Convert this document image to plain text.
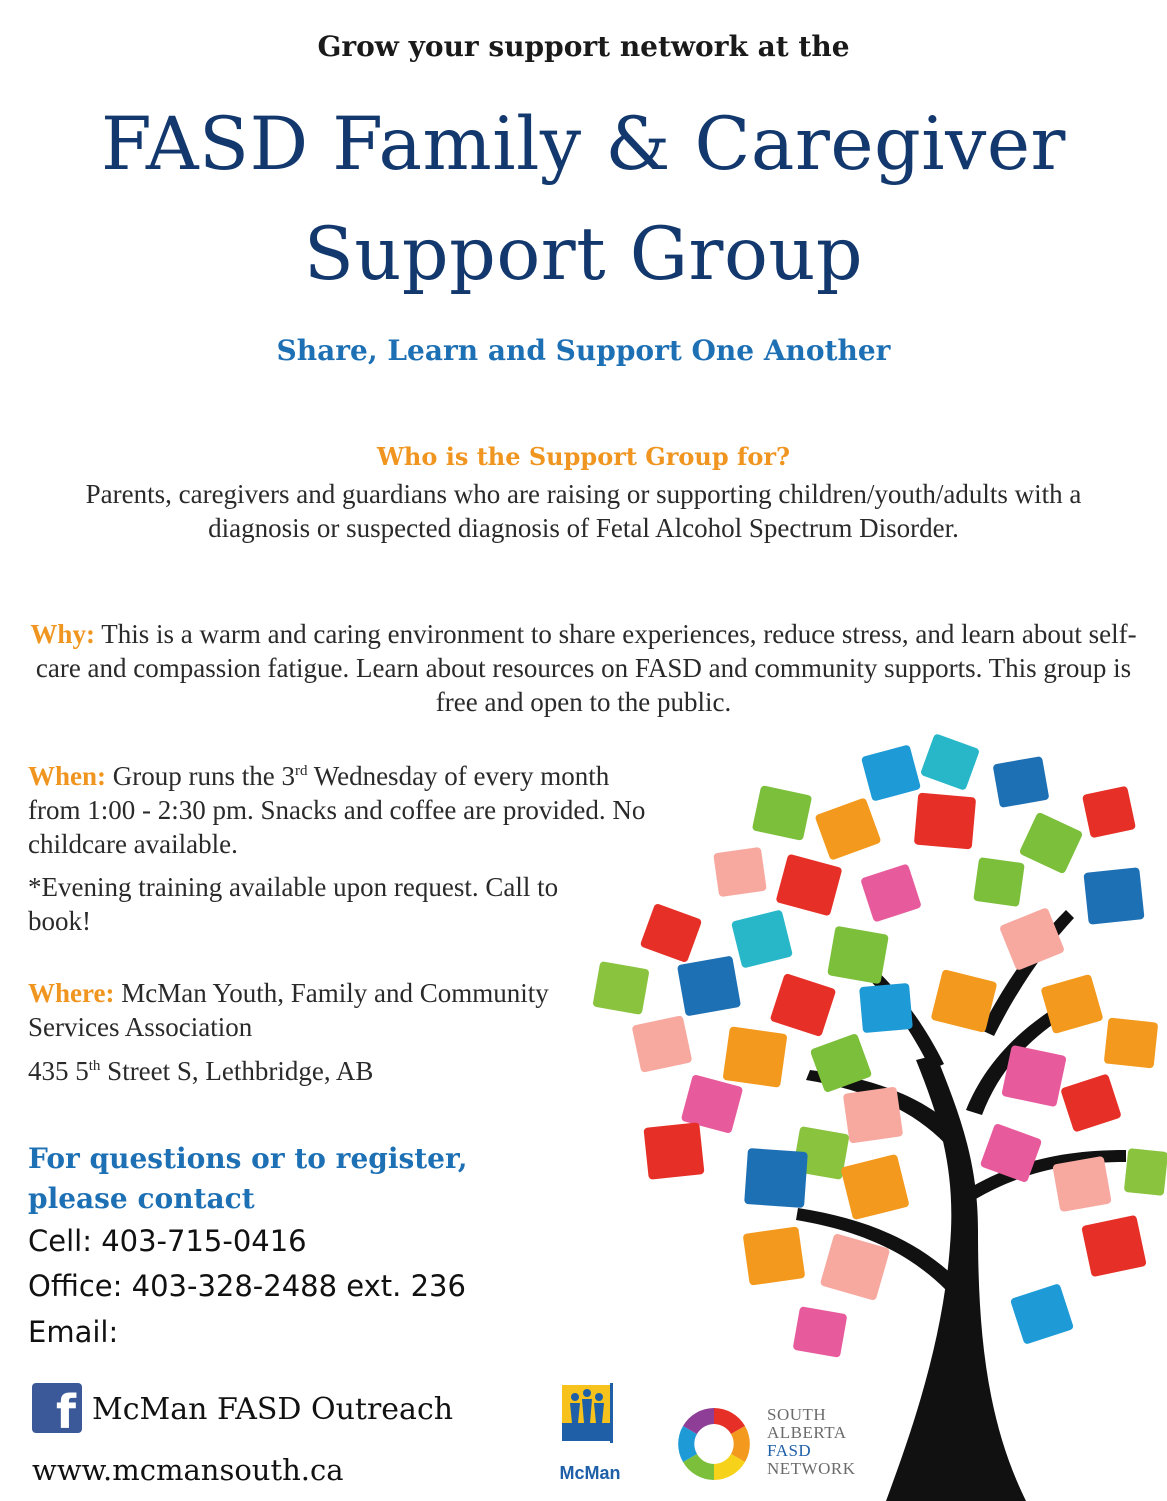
Grow your support network at the
FASD Family & Caregiver
Support Group
Share, Learn and Support One Another
Who is the Support Group for?
Parents, caregivers and guardians who are raising or supporting children/youth/adults with a diagnosis or suspected diagnosis of Fetal Alcohol Spectrum Disorder.
Why: This is a warm and caring environment to share experiences, reduce stress, and learn about self-care and compassion fatigue. Learn about resources on FASD and community supports. This group is free and open to the public.
When: Group runs the 3rd Wednesday of every month from 1:00 - 2:30 pm. Snacks and coffee are provided. No childcare available.
*Evening training available upon request. Call to book!
Where: McMan Youth, Family and Community Services Association
435 5th Street S, Lethbridge, AB
For questions or to register, please contact
Cell: 403-715-0416
Office: 403-328-2488 ext. 236
Email:
f McMan FASD Outreach
www.mcmansouth.ca	McMan
SOUTH
ALBERTA
FASD
NETWORK
